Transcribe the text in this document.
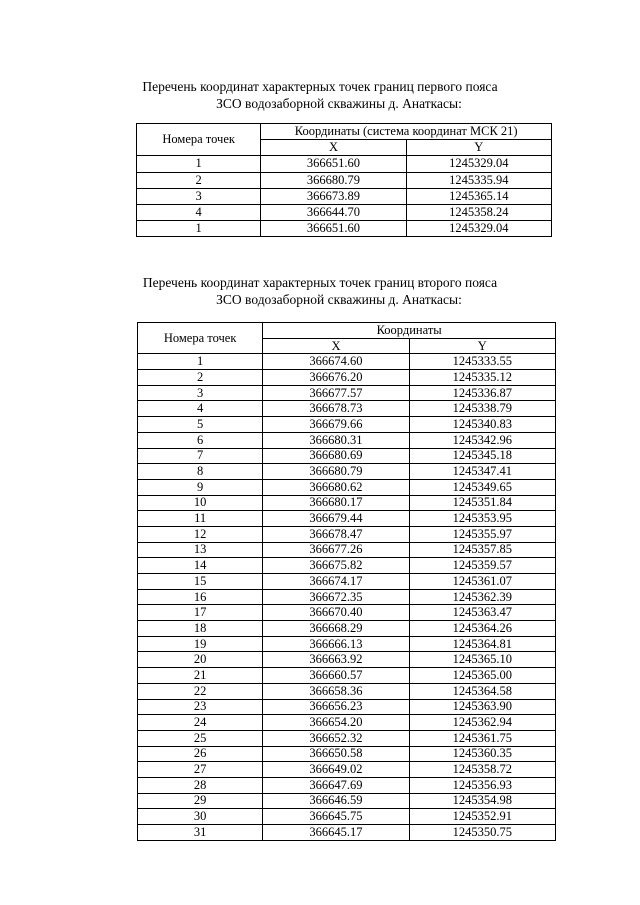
Перечень координат характерных точек границ первого пояса
ЗСО водозаборной скважины д. Анаткасы:
Номера точек	Координаты (система координат МСК 21)	
	X	Y
1	366651.60	1245329.04
2	366680.79	1245335.94
3	366673.89	1245365.14
4	366644.70	1245358.24
1	366651.60	1245329.04
Перечень координат характерных точек границ второго пояса
ЗСО водозаборной скважины д. Анаткасы:
Номера точек	Координаты	
	X	Y
1	366674.60	1245333.55
2	366676.20	1245335.12
3	366677.57	1245336.87
4	366678.73	1245338.79
5	366679.66	1245340.83
6	366680.31	1245342.96
7	366680.69	1245345.18
8	366680.79	1245347.41
9	366680.62	1245349.65
10	366680.17	1245351.84
11	366679.44	1245353.95
12	366678.47	1245355.97
13	366677.26	1245357.85
14	366675.82	1245359.57
15	366674.17	1245361.07
16	366672.35	1245362.39
17	366670.40	1245363.47
18	366668.29	1245364.26
19	366666.13	1245364.81
20	366663.92	1245365.10
21	366660.57	1245365.00
22	366658.36	1245364.58
23	366656.23	1245363.90
24	366654.20	1245362.94
25	366652.32	1245361.75
26	366650.58	1245360.35
27	366649.02	1245358.72
28	366647.69	1245356.93
29	366646.59	1245354.98
30	366645.75	1245352.91
31	366645.17	1245350.75
